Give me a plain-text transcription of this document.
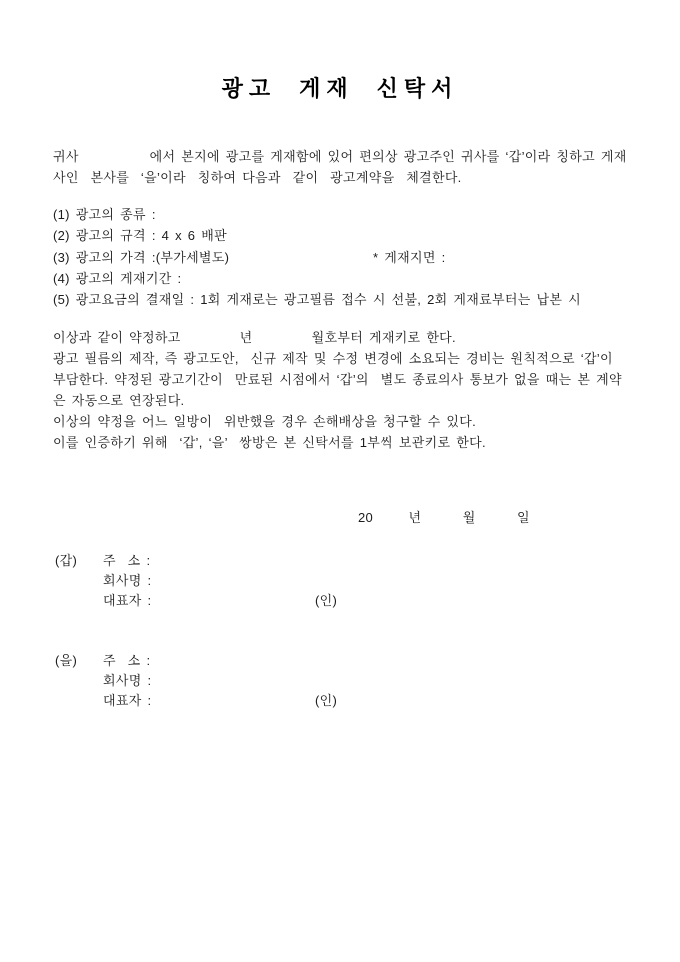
광고  게재  신탁서
귀사            에서 본지에 광고를 게재함에 있어 편의상 광고주인 귀사를 ‘갑’이라 칭하고 게재
사인  본사를  ‘을’이라  칭하여 다음과  같이  광고계약을  체결한다.
(1) 광고의 종류 :
(2) 광고의 규격 : 4 x 6 배판
(3) 광고의 가격 :(부가세별도)	* 게재지면 :
(4) 광고의 게재기간 :
(5) 광고요금의 결재일 : 1회 게재로는 광고필름 접수 시 선불, 2회 게재료부터는 납본 시
이상과 같이 약정하고          년          월호부터 게재키로 한다.
광고 필름의 제작, 즉 광고도안,  신규 제작 및 수정 변경에 소요되는 경비는 원칙적으로 ‘갑’이
부담한다. 약정된 광고기간이  만료된 시점에서 ‘갑’의  별도 종료의사 통보가 없을 때는 본 계약
은 자동으로 연장된다.
이상의 약정을 어느 일방이  위반했을 경우 손해배상을 청구할 수 있다.
이를 인증하기 위해  ‘갑’, ‘을’  쌍방은 본 신탁서를 1부씩 보관키로 한다.
20      년       월       일
(갑) 주  소 :
회사명 :
대표자 :	(인)
(을) 주  소 :
회사명 :
대표자 :	(인)
